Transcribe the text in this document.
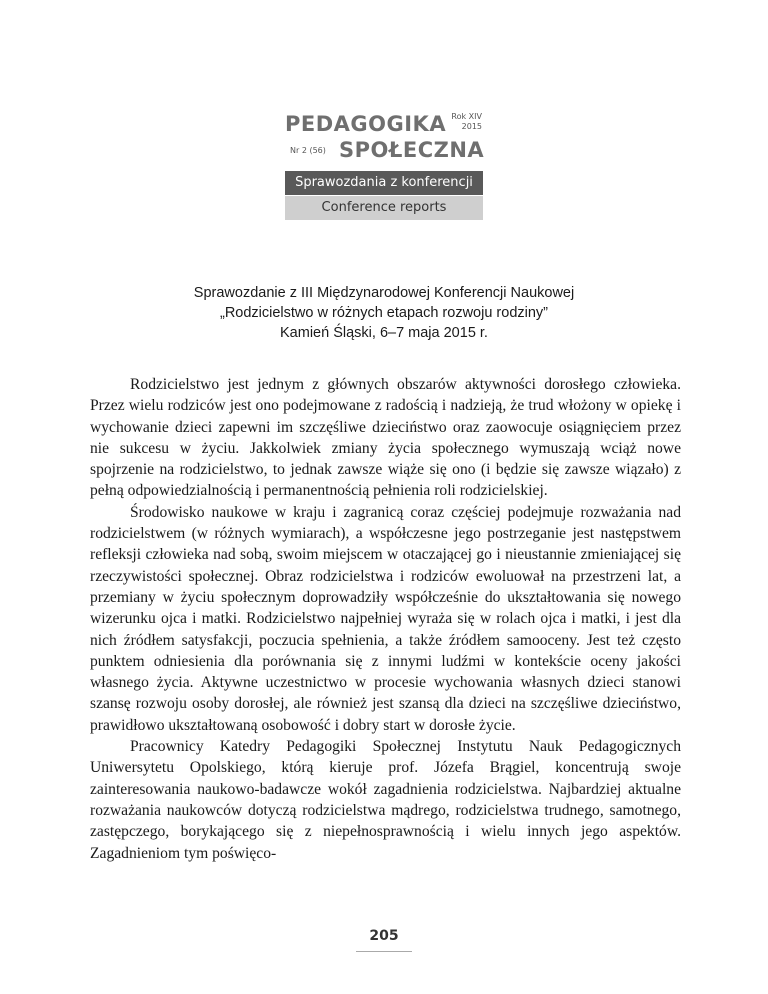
PEDAGOGIKA Rok XIV
2015
Nr 2 (56) SPOŁECZNA
Sprawozdania z konferencji
Conference reports
Sprawozdanie z III Międzynarodowej Konferencji Naukowej
„Rodzicielstwo w różnych etapach rozwoju rodziny”
Kamień Śląski, 6–7 maja 2015 r.

Rodzicielstwo jest jednym z głównych obszarów aktywności dorosłego człowieka. Przez wielu rodziców jest ono podejmowane z radością i nadzieją, że trud włożony w opiekę i wychowanie dzieci zapewni im szczęśliwe dzieciństwo oraz zaowocuje osiągnięciem przez nie sukcesu w życiu. Jakkolwiek zmiany życia społecznego wymuszają wciąż nowe spojrzenie na rodzicielstwo, to jednak zawsze wiąże się ono (i będzie się zawsze wiązało) z pełną odpowiedzialnością i permanentnością pełnienia roli rodzicielskiej.

Środowisko naukowe w kraju i zagranicą coraz częściej podejmuje rozważania nad rodzicielstwem (w różnych wymiarach), a współczesne jego postrzeganie jest następstwem refleksji człowieka nad sobą, swoim miejscem w otaczającej go i nieustannie zmieniającej się rzeczywistości społecznej. Obraz rodzicielstwa i rodziców ewoluował na przestrzeni lat, a przemiany w życiu społecznym doprowadziły współcześnie do ukształtowania się nowego wizerunku ojca i matki. Rodzicielstwo najpełniej wyraża się w rolach ojca i matki, i jest dla nich źródłem satysfakcji, poczucia spełnienia, a także źródłem samooceny. Jest też często punktem odniesienia dla porównania się z innymi ludźmi w kontekście oceny jakości własnego życia. Aktywne uczestnictwo w procesie wychowania własnych dzieci stanowi szansę rozwoju osoby dorosłej, ale również jest szansą dla dzieci na szczęśliwe dzieciństwo, prawidłowo ukształtowaną osobowość i dobry start w dorosłe życie.

Pracownicy Katedry Pedagogiki Społecznej Instytutu Nauk Pedagogicznych Uniwersytetu Opolskiego, którą kieruje prof. Józefa Brągiel, koncentrują swoje zainteresowania naukowo-badawcze wokół zagadnienia rodzicielstwa. Najbardziej aktualne rozważania naukowców dotyczą rodzicielstwa mądrego, rodzicielstwa trudnego, samotnego, zastępczego, borykającego się z niepełnosprawnością i wielu innych jego aspektów. Zagadnieniom tym poświęco-

205
